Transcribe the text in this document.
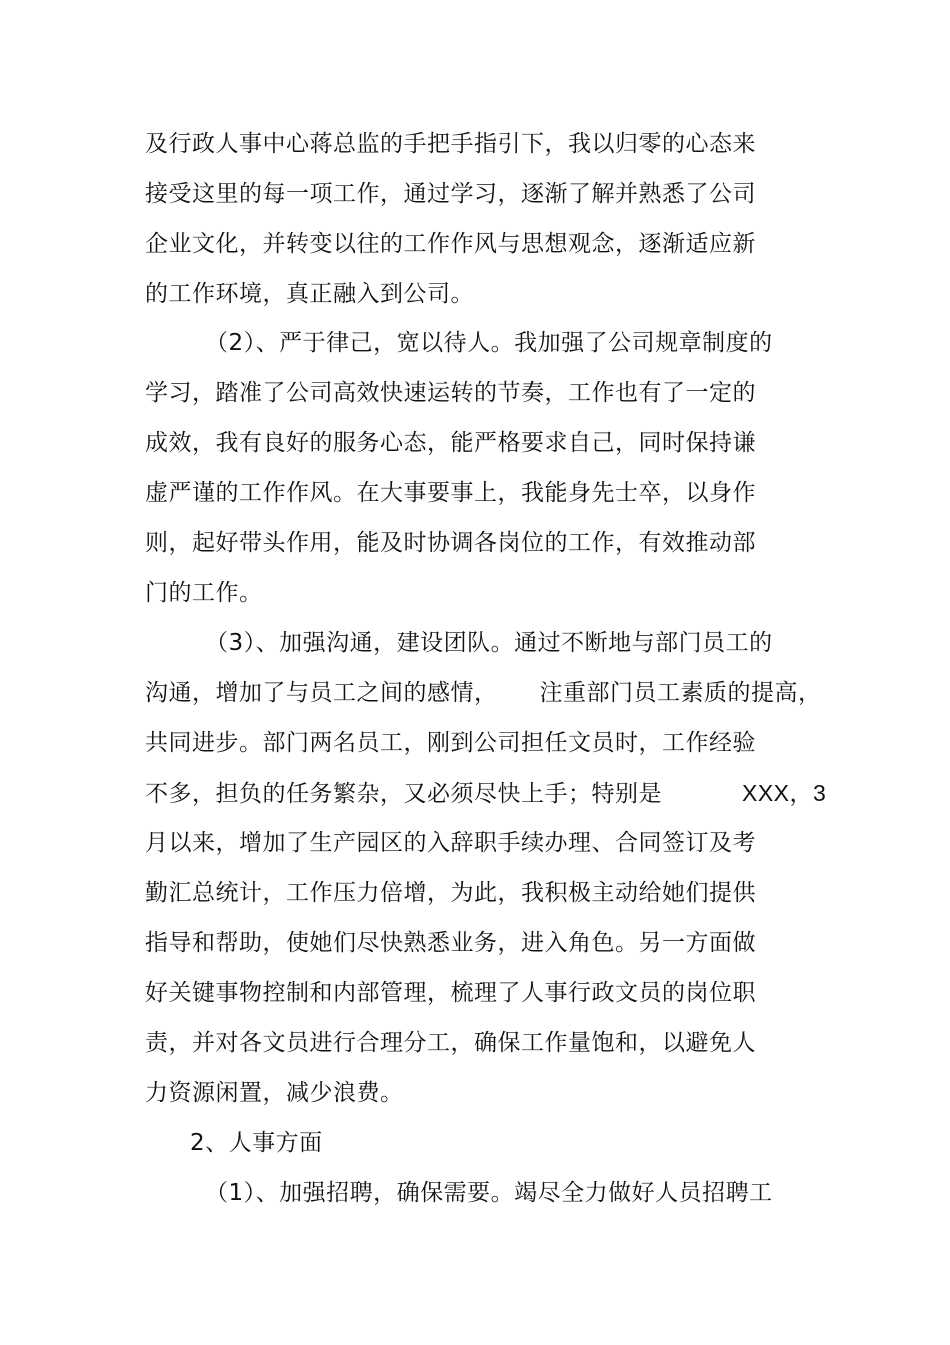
及行政人事中心蒋总监的手把手指引下，我以归零的心态来
接受这里的每一项工作，通过学习，逐渐了解并熟悉了公司
企业文化，并转变以往的工作作风与思想观念，逐渐适应新
的工作环境，真正融入到公司。
（2）、严于律己，宽以待人。我加强了公司规章制度的
学习，踏准了公司高效快速运转的节奏，工作也有了一定的
成效，我有良好的服务心态，能严格要求自己，同时保持谦
虚严谨的工作作风。在大事要事上，我能身先士卒，以身作
则，起好带头作用，能及时协调各岗位的工作，有效推动部
门的工作。
（3）、加强沟通，建设团队。通过不断地与部门员工的
沟通，增加了与员工之间的感情， 注重部门员工素质的提高，
共同进步。部门两名员工，刚到公司担任文员时，工作经验
不多，担负的任务繁杂，又必须尽快上手；特别是	XXX，3
月以来，增加了生产园区的入辞职手续办理、合同签订及考
勤汇总统计，工作压力倍增，为此，我积极主动给她们提供
指导和帮助，使她们尽快熟悉业务，进入角色。另一方面做
好关键事物控制和内部管理，梳理了人事行政文员的岗位职
责，并对各文员进行合理分工，确保工作量饱和，以避免人
力资源闲置，减少浪费。
2、人事方面
（1）、加强招聘，确保需要。竭尽全力做好人员招聘工
